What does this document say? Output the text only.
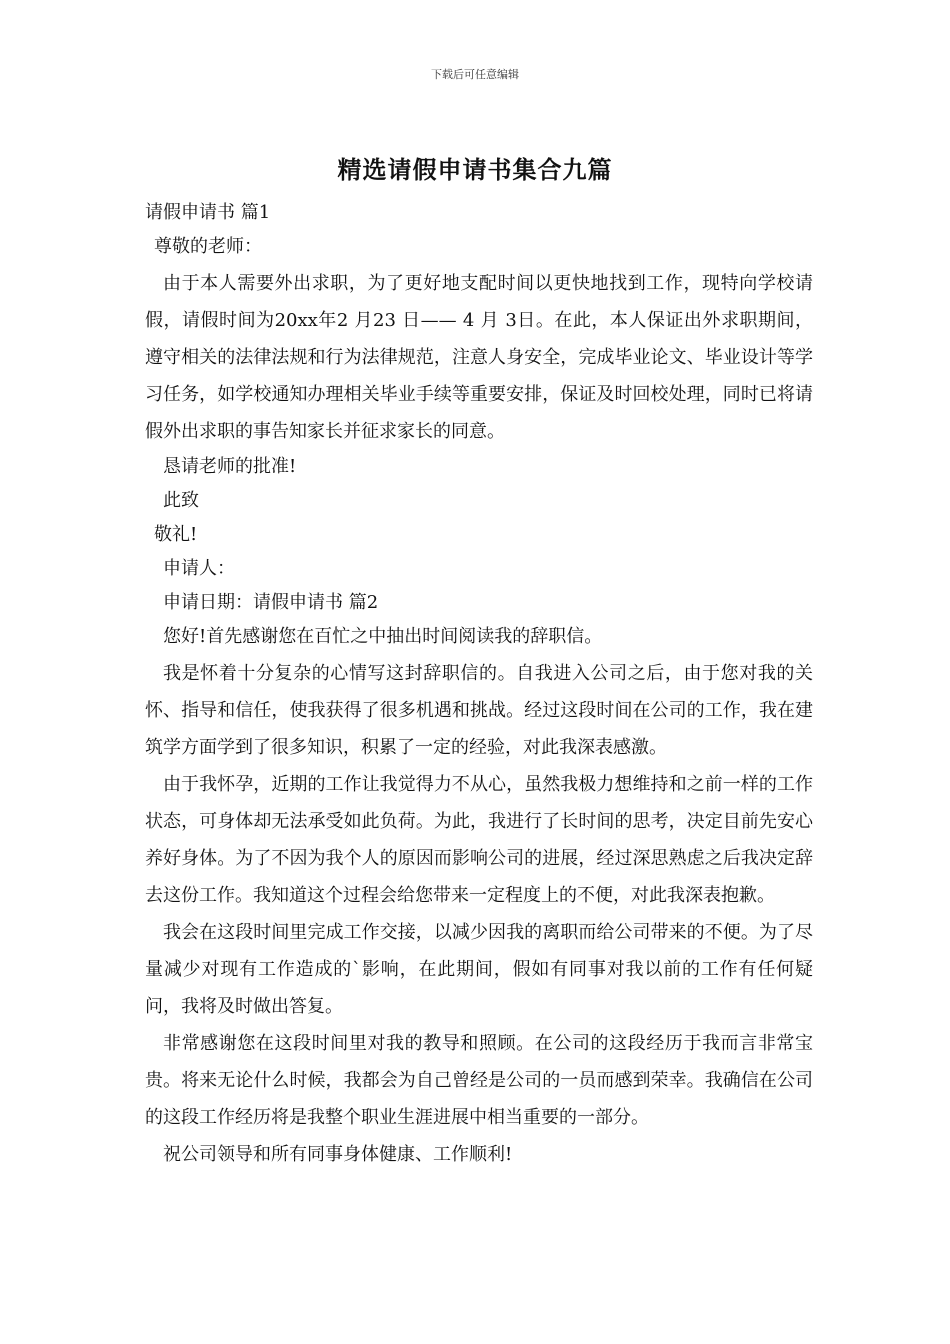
下载后可任意编辑
精选请假申请书集合九篇
请假申请书 篇1
尊敬的老师：

由于本人需要外出求职，为了更好地支配时间以更快地找到工作，现特向学校请假，请假时间为20xx年2 月23 日—— 4 月 3日。在此，本人保证出外求职期间，遵守相关的法律法规和行为法律规范，注意人身安全，完成毕业论文、毕业设计等学习任务，如学校通知办理相关毕业手续等重要安排，保证及时回校处理，同时已将请假外出求职的事告知家长并征求家长的同意。

恳请老师的批准!
此致
敬礼!
申请人：
申请日期：请假申请书 篇2
您好!首先感谢您在百忙之中抽出时间阅读我的辞职信。

我是怀着十分复杂的心情写这封辞职信的。自我进入公司之后，由于您对我的关怀、指导和信任，使我获得了很多机遇和挑战。经过这段时间在公司的工作，我在建筑学方面学到了很多知识，积累了一定的经验，对此我深表感激。

由于我怀孕，近期的工作让我觉得力不从心，虽然我极力想维持和之前一样的工作状态，可身体却无法承受如此负荷。为此，我进行了长时间的思考，决定目前先安心养好身体。为了不因为我个人的原因而影响公司的进展，经过深思熟虑之后我决定辞去这份工作。我知道这个过程会给您带来一定程度上的不便，对此我深表抱歉。

我会在这段时间里完成工作交接，以减少因我的离职而给公司带来的不便。为了尽量减少对现有工作造成的`影响，在此期间，假如有同事对我以前的工作有任何疑问，我将及时做出答复。

非常感谢您在这段时间里对我的教导和照顾。在公司的这段经历于我而言非常宝贵。将来无论什么时候，我都会为自己曾经是公司的一员而感到荣幸。我确信在公司的这段工作经历将是我整个职业生涯进展中相当重要的一部分。

祝公司领导和所有同事身体健康、工作顺利!
